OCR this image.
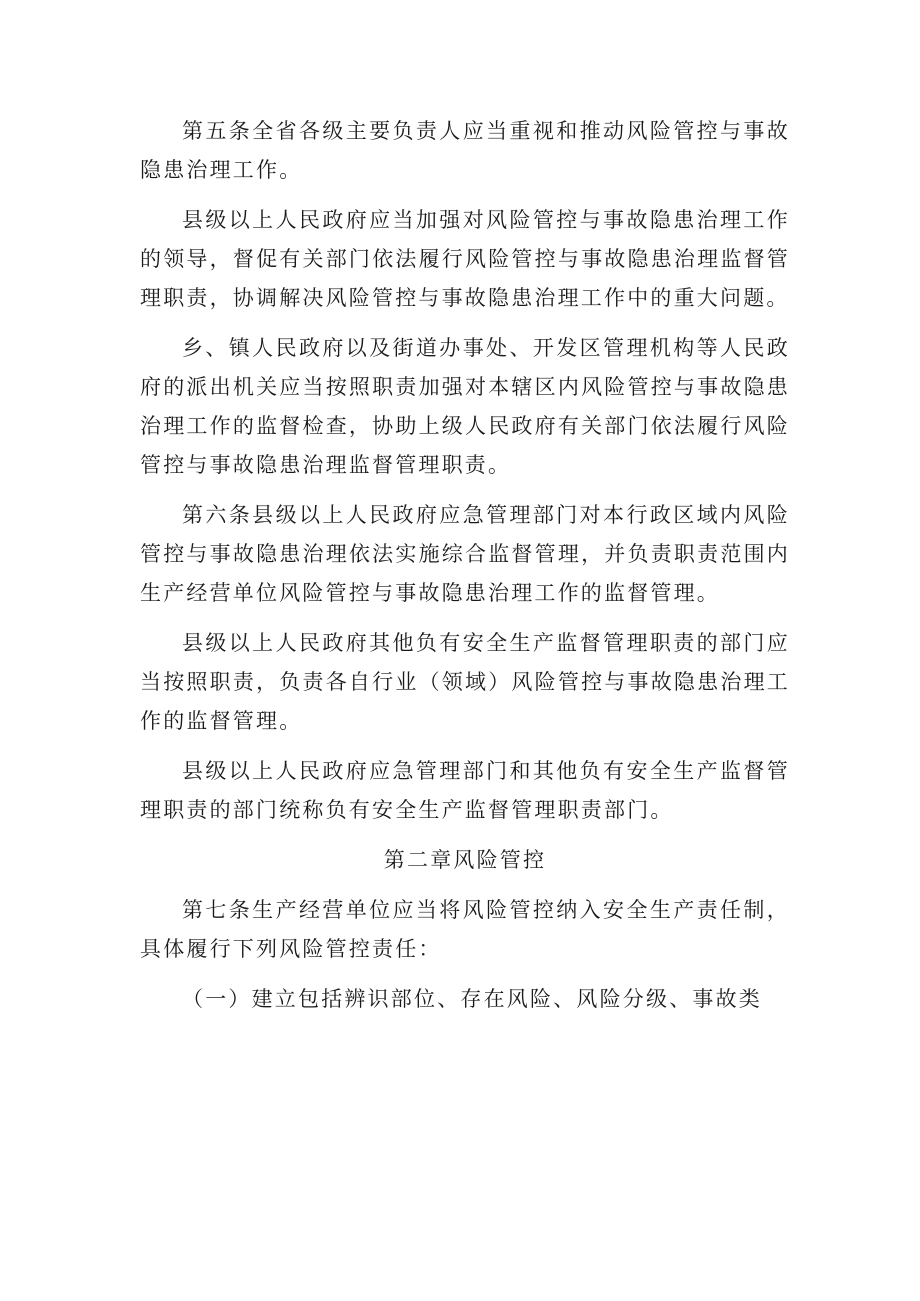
第五条全省各级主要负责人应当重视和推动风险管控与事故隐患治理工作。

县级以上人民政府应当加强对风险管控与事故隐患治理工作的领导，督促有关部门依法履行风险管控与事故隐患治理监督管理职责，协调解决风险管控与事故隐患治理工作中的重大问题。

乡、镇人民政府以及街道办事处、开发区管理机构等人民政府的派出机关应当按照职责加强对本辖区内风险管控与事故隐患治理工作的监督检查，协助上级人民政府有关部门依法履行风险管控与事故隐患治理监督管理职责。

第六条县级以上人民政府应急管理部门对本行政区域内风险管控与事故隐患治理依法实施综合监督管理，并负责职责范围内生产经营单位风险管控与事故隐患治理工作的监督管理。

县级以上人民政府其他负有安全生产监督管理职责的部门应当按照职责，负责各自行业（领域）风险管控与事故隐患治理工作的监督管理。

县级以上人民政府应急管理部门和其他负有安全生产监督管理职责的部门统称负有安全生产监督管理职责部门。

第二章风险管控

第七条生产经营单位应当将风险管控纳入安全生产责任制，具体履行下列风险管控责任：

（一）建立包括辨识部位、存在风险、风险分级、事故类
